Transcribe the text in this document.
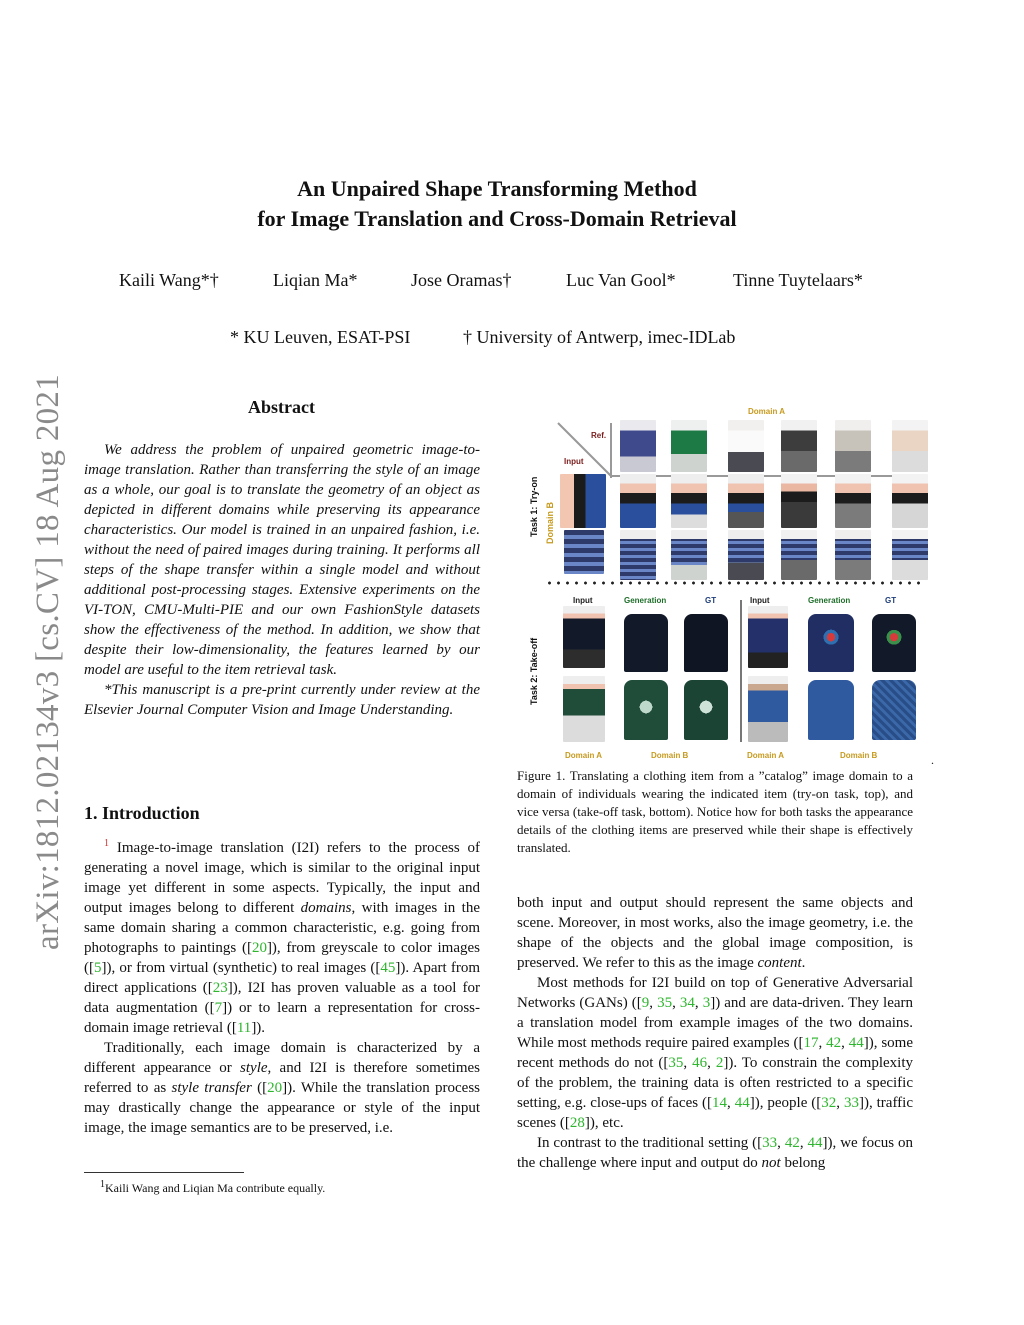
arXiv:1812.02134v3 [cs.CV] 18 Aug 2021
An Unpaired Shape Transforming Method
for Image Translation and Cross-Domain Retrieval
Kaili Wang*†	Liqian Ma*	Jose Oramas†	Luc Van Gool*	Tinne Tuytelaars*
* KU Leuven, ESAT-PSI	† University of Antwerp, imec-IDLab
Abstract

We address the problem of unpaired geometric image-to-image translation. Rather than transferring the style of an image as a whole, our goal is to translate the geometry of an object as depicted in different domains while preserving its appearance characteristics. Our model is trained in an unpaired fashion, i.e. without the need of paired images during training. It performs all steps of the shape transfer within a single model and without additional post-processing stages. Extensive experiments on the VI-TON, CMU-Multi-PIE and our own FashionStyle datasets show the effectiveness of the method. In addition, we show that despite their low-dimensionality, the features learned by our model are useful to the item retrieval task.

*This manuscript is a pre-print currently under review at the Elsevier Journal Computer Vision and Image Understanding.

1. Introduction

$^1$ Image-to-image translation (I2I) refers to the process of generating a novel image, which is similar to the original input image yet different in some aspects. Typically, the input and output images belong to different domains, with images in the same domain sharing a common characteristic, e.g. going from photographs to paintings ([20]), from greyscale to color images ([5]), or from virtual (synthetic) to real images ([45]). Apart from direct applications ([23]), I2I has proven valuable as a tool for data augmentation ([7]) or to learn a representation for cross-domain image retrieval ([11]).

Traditionally, each image domain is characterized by a different appearance or style, and I2I is therefore sometimes referred to as style transfer ([20]). While the translation process may drastically change the appearance or style of the input image, the image semantics are to be preserved, i.e.

$^1$Kaili Wang and Liqian Ma contribute equally.
Domain A
Ref.
Input
Task 1: Try-on Domain B
Input	Generation	GT	Input	Generation	GT
Task 2: Take-off
Domain A	Domain B	Domain A	Domain B	.
Figure 1. Translating a clothing item from a ”catalog” image domain to a domain of individuals wearing the indicated item (try-on task, top), and vice versa (take-off task, bottom). Notice how for both tasks the appearance details of the clothing items are preserved while their shape is effectively translated.

both input and output should represent the same objects and scene. Moreover, in most works, also the image geometry, i.e. the shape of the objects and the global image composition, is preserved. We refer to this as the image content.

Most methods for I2I build on top of Generative Adversarial Networks (GANs) ([9, 35, 34, 3]) and are data-driven. They learn a translation model from example images of the two domains. While most methods require paired examples ([17, 42, 44]), some recent methods do not ([35, 46, 2]). To constrain the complexity of the problem, the training data is often restricted to a specific setting, e.g. close-ups of faces ([14, 44]), people ([32, 33]), traffic scenes ([28]), etc.

In contrast to the traditional setting ([33, 42, 44]), we focus on the challenge where input and output do not belong
